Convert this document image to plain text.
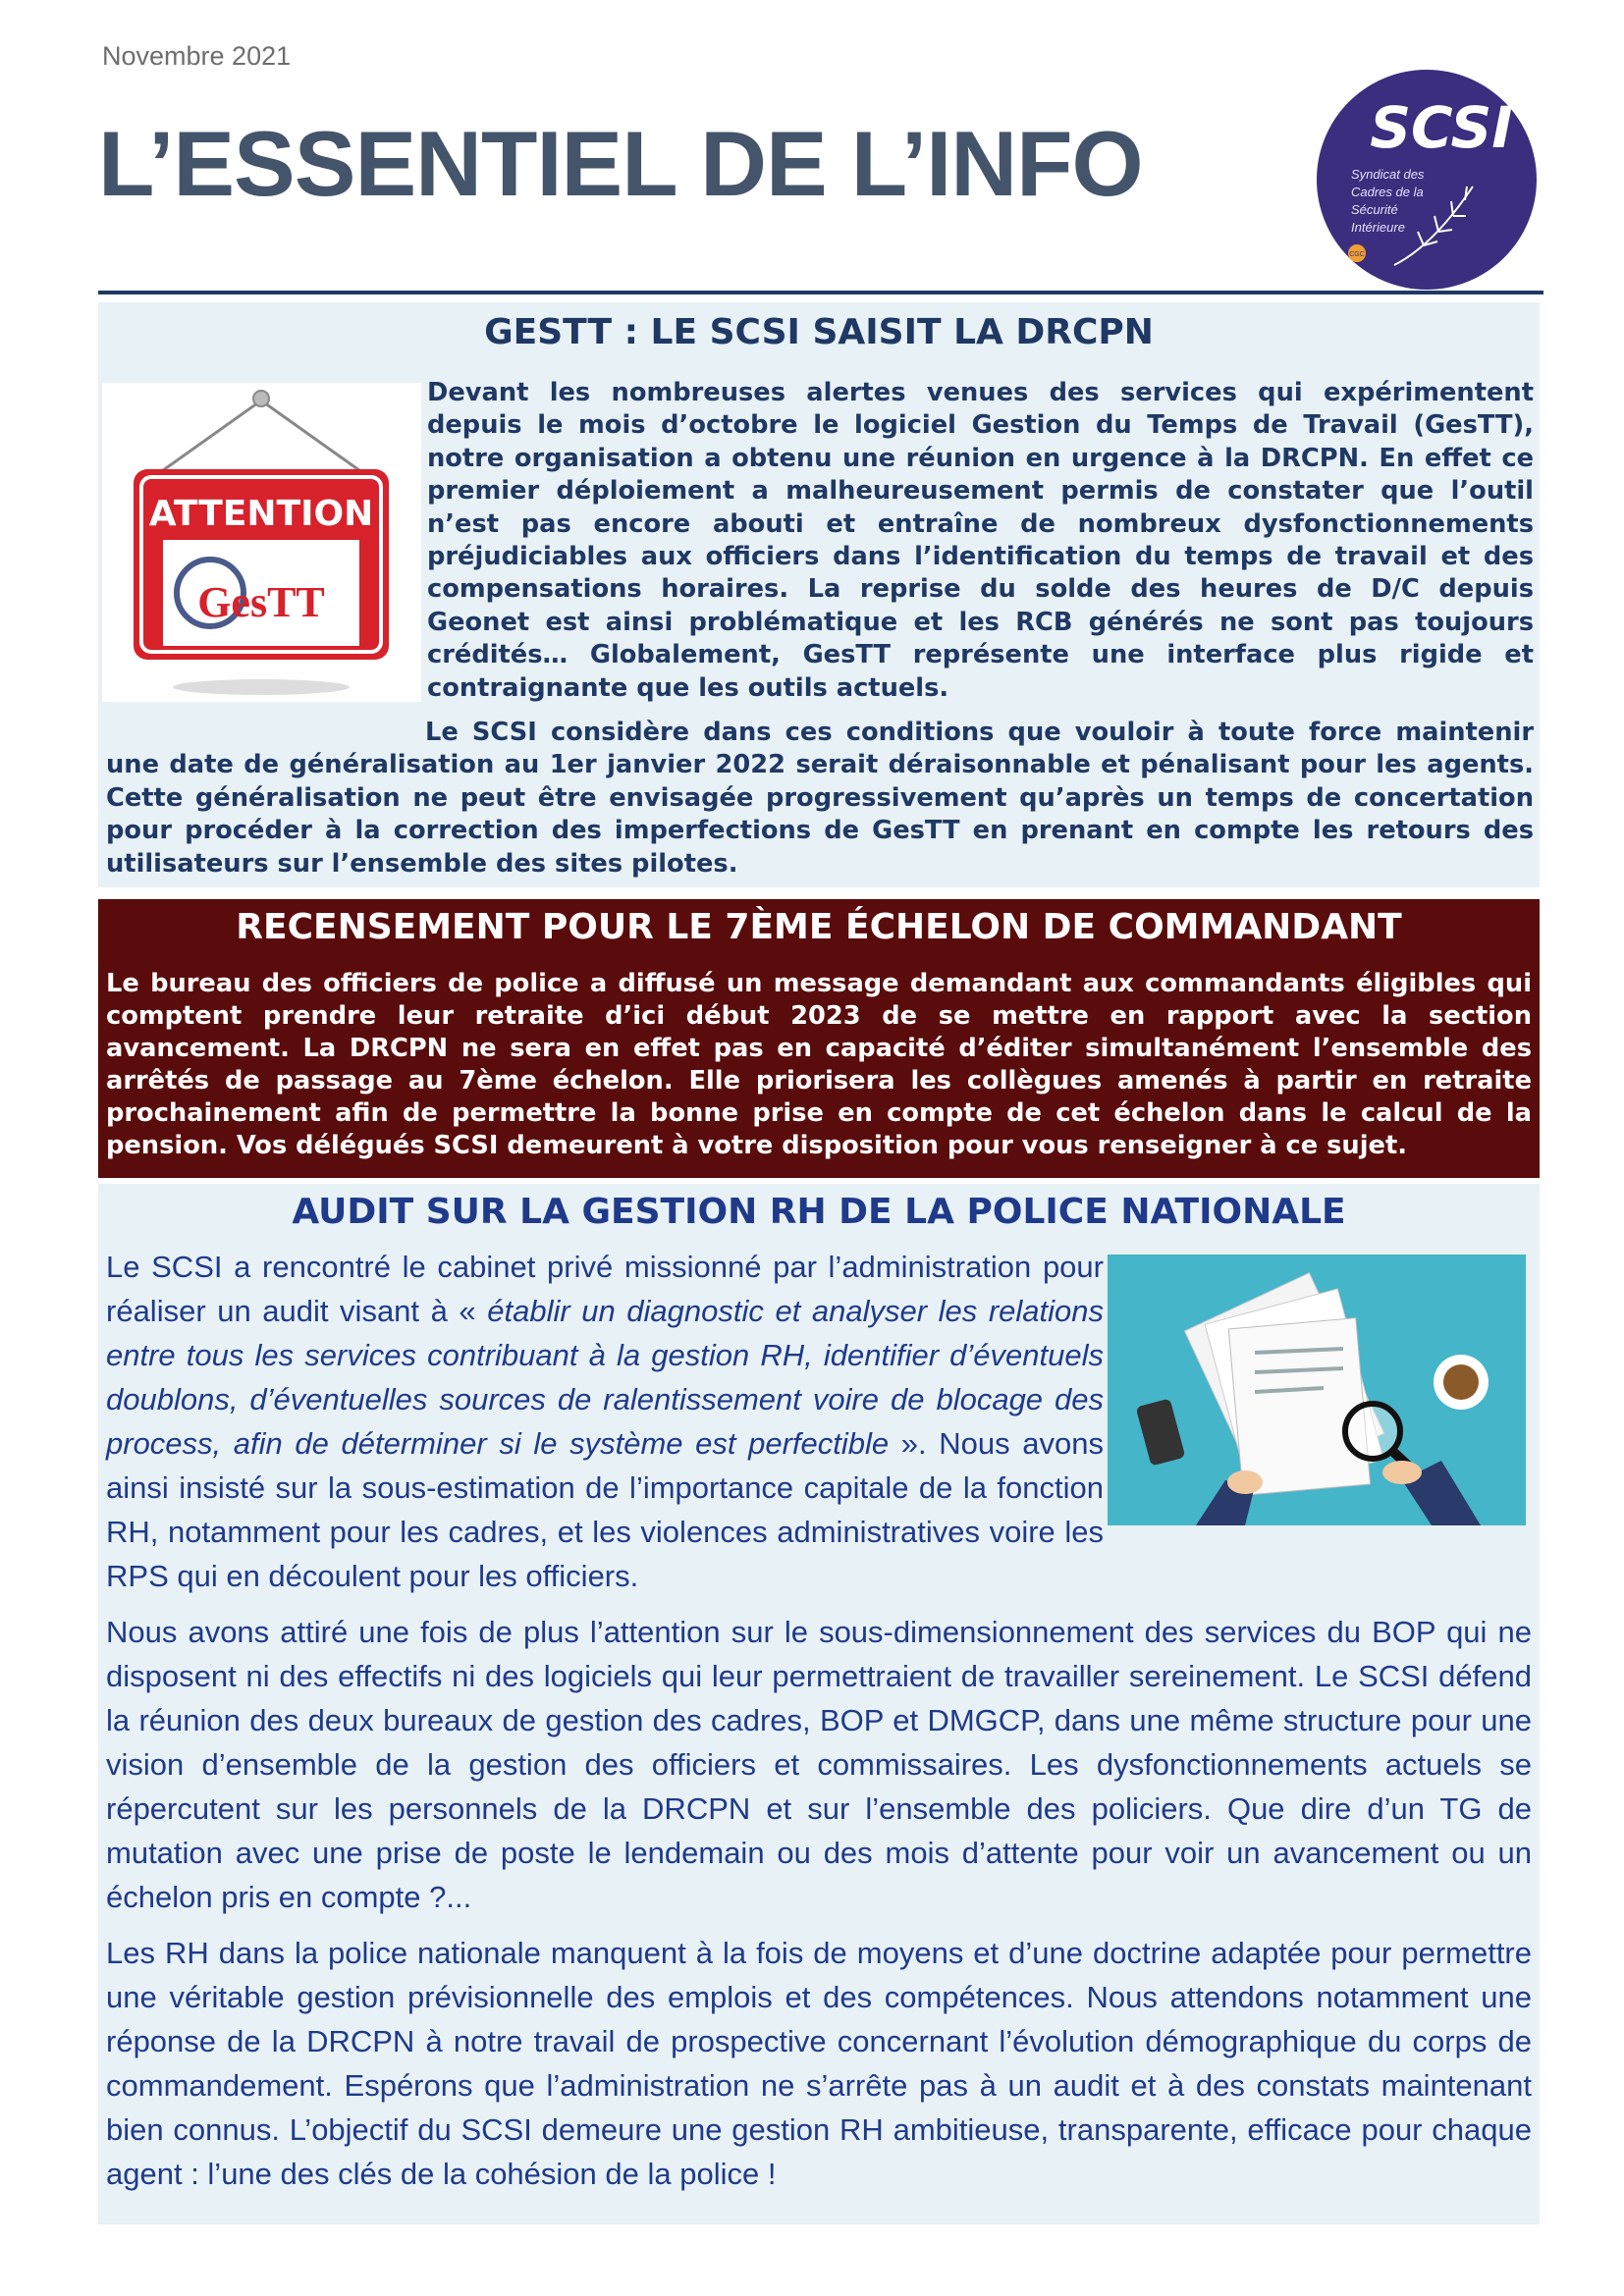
Novembre 2021
L’ESSENTIEL DE L’INFO	SCSI
Syndicat des
Cadres de la
Sécurité
Intérieure
CGC
GESTT : LE SCSI SAISIT LA DRCPN

Devant les nombreuses alertes venues des services qui expérimentent depuis le mois d’octobre le logiciel Gestion du Temps de Travail (GesTT), notre organisation a obtenu une réunion en urgence à la DRCPN. En effet ce premier déploiement a malheureusement permis de constater que l’outil n’est pas encore abouti et entraîne de nombreux dysfonctionnements préjudiciables aux officiers dans l’identification du temps de travail et des compensations horaires. La reprise du solde des heures de D/C depuis Geonet est ainsi problématique et les RCB générés ne sont pas toujours crédités… Globalement, GesTT représente une interface plus rigide et contraignante que les outils actuels.

Le SCSI considère dans ces conditions que vouloir à toute force maintenir une date de généralisation au 1er janvier 2022 serait déraisonnable et pénalisant pour les agents. Cette généralisation ne peut être envisagée progressivement qu’après un temps de concertation pour procéder à la correction des imperfections de GesTT en prenant en compte les retours des utilisateurs sur l’ensemble des sites pilotes.

ATTENTION
GesTT
RECENSEMENT POUR LE 7ÈME ÉCHELON DE COMMANDANT

Le bureau des officiers de police a diffusé un message demandant aux commandants éligibles qui comptent prendre leur retraite d’ici début 2023 de se mettre en rapport avec la section avancement. La DRCPN ne sera en effet pas en capacité d’éditer simultanément l’ensemble des arrêtés de passage au 7ème échelon. Elle priorisera les collègues amenés à partir en retraite prochainement afin de permettre la bonne prise en compte de cet échelon dans le calcul de la pension. Vos délégués SCSI demeurent à votre disposition pour vous renseigner à ce sujet.

AUDIT SUR LA GESTION RH DE LA POLICE NATIONALE

Le SCSI a rencontré le cabinet privé missionné par l’administration pour réaliser un audit visant à « établir un diagnostic et analyser les relations entre tous les services contribuant à la gestion RH, identifier d’éventuels doublons, d’éventuelles sources de ralentissement voire de blocage des process, afin de déterminer si le système est perfectible ». Nous avons ainsi insisté sur la sous-estimation de l’importance capitale de la fonction RH, notamment pour les cadres, et les violences administratives voire les RPS qui en découlent pour les officiers.

Nous avons attiré une fois de plus l’attention sur le sous-dimensionnement des services du BOP qui ne disposent ni des effectifs ni des logiciels qui leur permettraient de travailler sereinement. Le SCSI défend la réunion des deux bureaux de gestion des cadres, BOP et DMGCP, dans une même structure pour une vision d’ensemble de la gestion des officiers et commissaires. Les dysfonctionnements actuels se répercutent sur les personnels de la DRCPN et sur l’ensemble des policiers. Que dire d’un TG de mutation avec une prise de poste le lendemain ou des mois d’attente pour voir un avancement ou un échelon pris en compte ?...

Les RH dans la police nationale manquent à la fois de moyens et d’une doctrine adaptée pour permettre une véritable gestion prévisionnelle des emplois et des compétences. Nous attendons notamment une réponse de la DRCPN à notre travail de prospective concernant l’évolution démographique du corps de commandement. Espérons que l’administration ne s’arrête pas à un audit et à des constats maintenant bien connus. L’objectif du SCSI demeure une gestion RH ambitieuse, transparente, efficace pour chaque agent : l’une des clés de la cohésion de la police !
